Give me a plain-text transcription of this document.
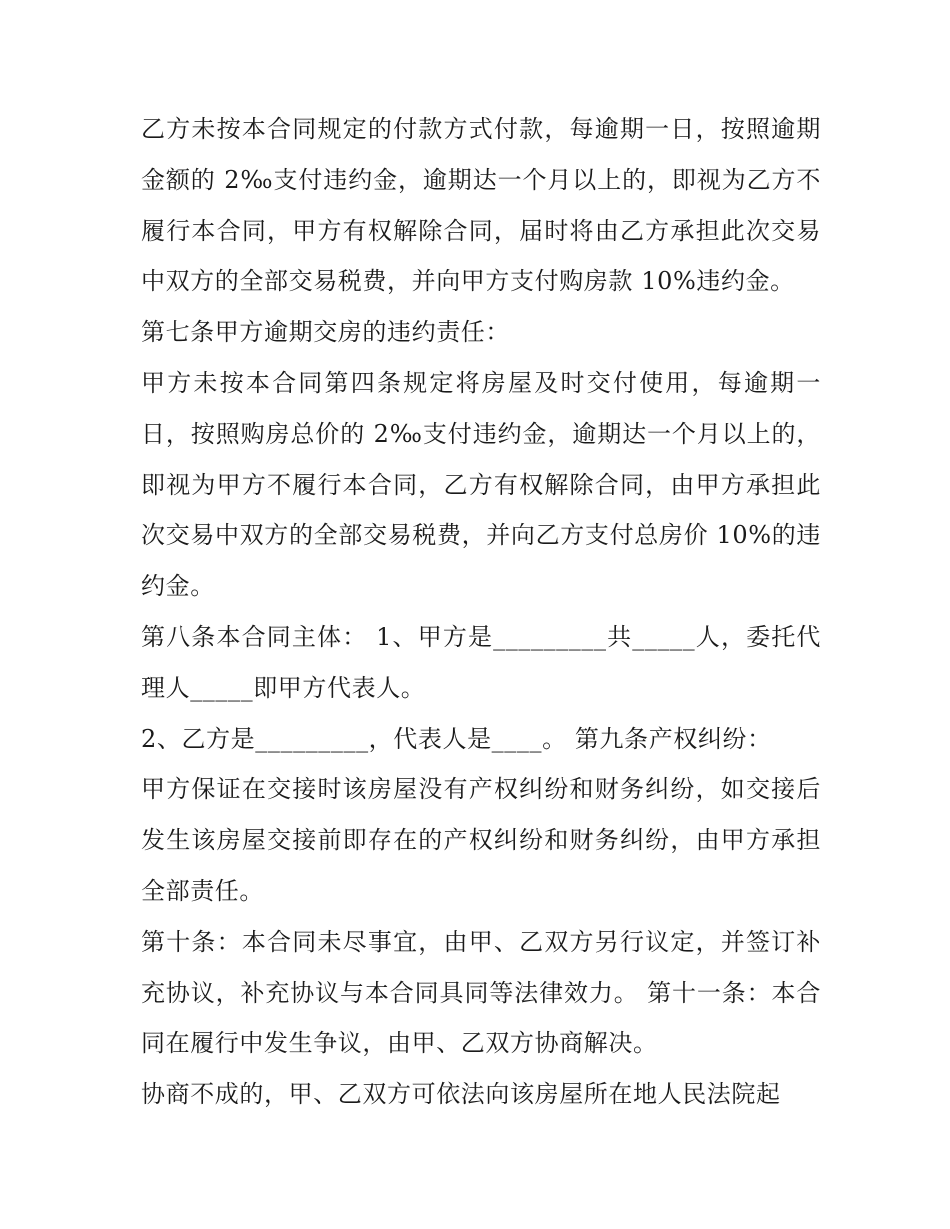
乙方未按本合同规定的付款方式付款，每逾期一日，按照逾期金额的 2‰支付违约金，逾期达一个月以上的，即视为乙方不履行本合同，甲方有权解除合同，届时将由乙方承担此次交易中双方的全部交易税费，并向甲方支付购房款 10%违约金。

第七条甲方逾期交房的违约责任：

甲方未按本合同第四条规定将房屋及时交付使用，每逾期一日，按照购房总价的 2‰支付违约金，逾期达一个月以上的，即视为甲方不履行本合同，乙方有权解除合同，由甲方承担此次交易中双方的全部交易税费，并向乙方支付总房价 10%的违约金。

第八条本合同主体： 1、甲方是_________共_____人，委托代理人_____即甲方代表人。

2、乙方是_________，代表人是____。 第九条产权纠纷：

甲方保证在交接时该房屋没有产权纠纷和财务纠纷，如交接后发生该房屋交接前即存在的产权纠纷和财务纠纷，由甲方承担全部责任。

第十条：本合同未尽事宜，由甲、乙双方另行议定，并签订补充协议，补充协议与本合同具同等法律效力。 第十一条：本合同在履行中发生争议，由甲、乙双方协商解决。

协商不成的，甲、乙双方可依法向该房屋所在地人民法院起
